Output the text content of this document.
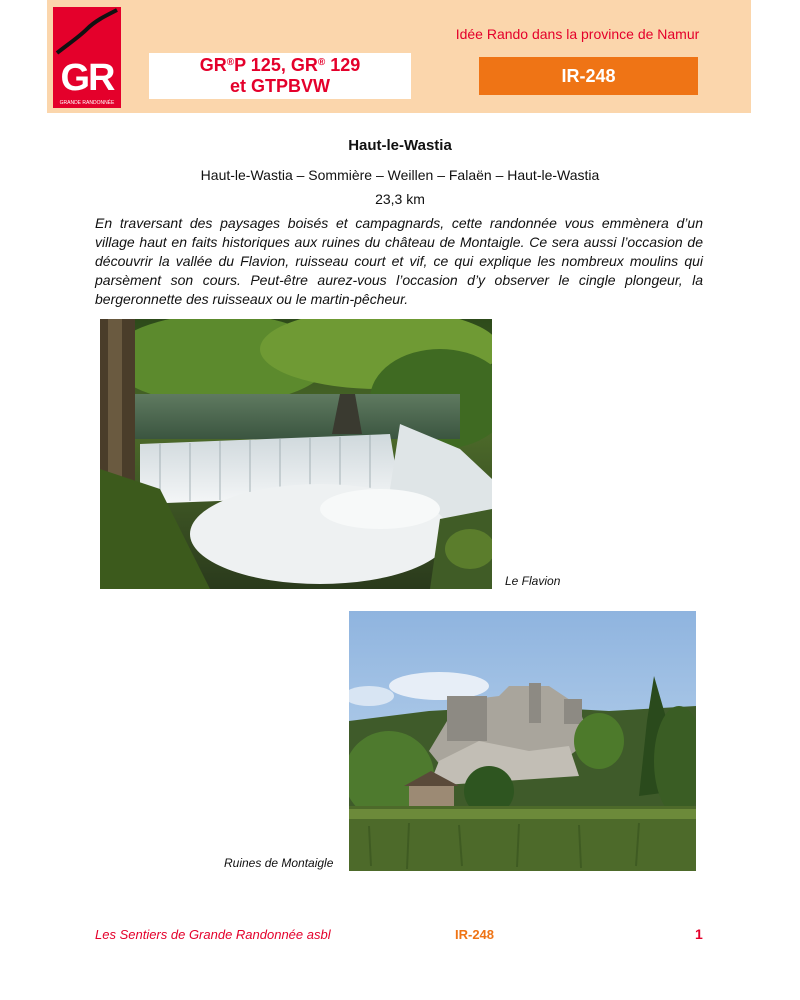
GR
GRANDE RANDONNÉE
GR®P 125, GR® 129
et GTPBVW
Idée Rando dans la province de Namur
IR-248
Haut-le-Wastia
Haut-le-Wastia – Sommière – Weillen – Falaën – Haut-le-Wastia
23,3 km
En traversant des paysages boisés et campagnards, cette randonnée vous emmènera d’un village haut en faits historiques aux ruines du château de Montaigle. Ce sera aussi l’occasion de découvrir la vallée du Flavion, ruisseau court et vif, ce qui explique les nombreux moulins qui parsèment son cours. Peut-être aurez-vous l’occasion d’y observer le cingle plongeur, la bergeronnette des ruisseaux ou le martin-pêcheur.
Le Flavion
Ruines de Montaigle
Les Sentiers de Grande Randonnée asbl	IR-248	1
